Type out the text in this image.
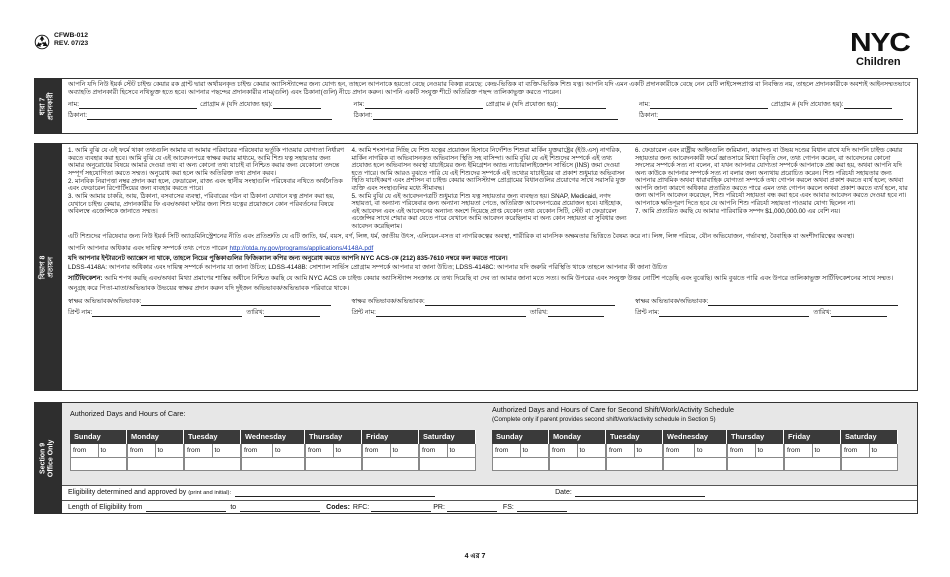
CFWB-012
REV. 07/23	NYC
Children
ধারা 7
প্রদানকারী
আপনি যদি নিউ ইয়র্ক স্টেট চাইল্ড কেয়ার রক গ্রান্ট দ্বারা অর্থায়নকৃত চাইল্ড কেয়ার অ্যাসিস্ট্যান্সের জন্য যোগ্য হন, তাহলে আপনাকে হয়তো বেছে নেওয়ার বিকল্প রয়েছে: কেন্দ্র-ভিত্তিক বা ব্যক্তি-ভিত্তিক শিশু যত্ন। আপনি যদি এমন একটি প্রদানকারীকে বেছে নেন যেটি লাইসেন্সপ্রাপ্ত বা নিবন্ধিত নয়, তাহলে প্রদানকারীকে অবশ্যই আইনসম্মতভাবে অব্যাহতি প্রদানকারী হিসেবে নথিভুক্ত হতে হবে। আপনার পছন্দের প্রদানকারীর নাম(গুলি) এবং ঠিকানা(গুলি) নীচে প্রদান করুন। আপনি একটি সংযুক্ত শীটে অতিরিক্ত পছন্দ তালিকাভুক্ত করতে পারেন।
নাম:	প্রোগ্রাম # (যদি প্রযোজ্য হয়):
ঠিকানা:
নাম:	প্রোগ্রাম # (যদি প্রযোজ্য হয়):
ঠিকানা:
নাম:	প্রোগ্রাম # (যদি প্রযোজ্য হয়):
ঠিকানা:
বিভাগ 8
প্রত্যয়ন

1. আমি বুঝি যে এই ফর্মে থাকা তথ্যগুলি আমার বা আমার পরিবারের পরিষেবার ভর্তুকি পাওয়ার যোগ্যতা নির্ধারণ করতে ব্যবহার করা হবে। আমি বুঝি যে এই আবেদনপত্রে স্বাক্ষর করার মাধ্যমে, আমি শিশু যত্ন সহায়তার জন্য আমার অনুরোধের বিষয়ে আমার দেওয়া তথ্য বা অন্য কোনো তথ্য যাচাই বা নিশ্চিত করার জন্য যেকোনো তদন্তে সম্পূর্ণ সহযোগিতা করতে সম্মত। অনুরোধ করা হলে আমি অতিরিক্ত তথ্য প্রদান করব।

2. মানবিক নিরাপত্তা নম্বর প্রদান করা হলে, ফেডারেল, রাজ্য এবং স্থানীয় সংস্থাগুলি পরিষেবার নথিতে অর্থনৈতিক এবং ফেডারেল রিপোর্টিংয়ের জন্য ব্যবহার করতে পারে।

3. আমি আমার চাকরি, আয়, ঠিকানা, বসবাসের ব্যবস্থা, পরিবারের গঠন বা ঠিকানা যেখানে যত্ন প্রদান করা হয়, যেখানে চাইল্ড কেয়ার, প্রদানকারীর ফি এবং/অথবা ঘন্টার জন্য শিশু যত্নের প্রয়োজনে কোন পরিবর্তনের বিষয়ে অবিলম্বে এজেন্সিকে জানাতে সম্মত।

4. আমি শংসাপত্র দিচ্ছি যে শিশু যত্নের প্রয়োজন হিসাবে নির্দেশিত শিশুরা মার্কিন যুক্তরাষ্ট্রের (ইউ.এস) নাগরিক, মার্কিন নাগরিক বা অভিবাসনকৃত অভিবাসন স্থিতি সহ বাসিন্দা। আমি বুঝি যে এই শিশুদের সম্পর্কে এই তথ্য প্রযোজ্য হলে অভিবাসন অবস্থা যাচাইয়ের জন্য ইমিগ্রেশন অ্যান্ড ন্যাচারালাইজেশন সার্ভিসে (INS) জমা দেওয়া হতে পারে। আমি আরও বুঝতে পারি যে এই শিশুদের সম্পর্কে এই তথ্যের যাচাইয়ের বা প্রকাশ শুধুমাত্র অভিবাসন স্থিতি যাচাইকরণ এবং প্রশাসন বা চাইল্ড কেয়ার অ্যাসিস্ট্যান্স প্রোগ্রামের বিধানগুলির প্রয়োগের সাথে সরাসরি যুক্ত ব্যক্তি এবং সংস্থাগুলির মধ্যে সীমাবদ্ধ।

5. আমি বুঝি যে এই আবেদনপত্রটি শুধুমাত্র শিশু যত্ন সহায়তার জন্য ব্যবহৃত হয়। SNAP, Medicaid, নগদ সহায়তা, বা অন্যান্য পরিষেবার জন্য অন্যান্য সহায়তা পেতে, অতিরিক্ত আবেদনপত্রের প্রয়োজন হবে। যাইহোক, এই আবেদন এবং এই আবেদনের অন্যান্য অংশে দিয়েছে প্রাপ্ত যেকোন তথ্য যেকোন সিটি, স্টেট বা ফেডারেল এজেন্সির সাথে শেয়ার করা যেতে পারে যেখানে আমি আবেদন করেছিলাম বা অন্য কোন সহায়তা বা সুবিধার জন্য আবেদন করেছিলাম।

6. ফেডারেল এবং রাষ্ট্রীয় আইনগুলি জরিমানা, কারাদণ্ড বা উভয় দণ্ডের বিধান রাখে যদি আপনি চাইল্ড কেয়ার সহায়তার জন্য আবেদনকারী ফর্মে জ্ঞাতসারে মিথ্যা বিবৃতি দেন, তথ্য গোপন করেন, বা আবেদনের কোনো সদস্যের সম্পর্কে সত্য না বলেন, বা যখন আপনার যোগ্যতা সম্পর্কে আপনাকে প্রশ্ন করা হয়, অথবা আপনি যদি অন্য কাউকে আপনার সম্পর্কে সত্য না বলার জন্য অন্যথায় প্ররোচিত করেন। শিশু পরিচর্যা সহায়তার জন্য আপনার প্রাথমিক অথবা ধারাবাহিক যোগ্যতা সম্পর্কে তথ্য গোপন করলে অথবা প্রকাশ করতে ব্যর্থ হলে; অথবা আপনি জানা কারণে অধিকার প্রতারিত করতে পারে এমন তথ্য গোপন করলে অথবা প্রকাশ করতে ব্যর্থ হলে, যার জন্য আপনি আবেদন করেছেন, শিশু পরিচর্যা সহায়তা বন্ধ করা হবে এবং আবার আবেদন করতে দেওয়া হবে না। আপনাকে ক্ষতিপূরণ দিতে হবে যে আপনি শিশু পরিচর্যা সহায়তা পাওয়ার যোগ্য ছিলেন না।

7. আমি প্রত্যয়িত করছি যে আমার পারিবারিক সম্পদ $1,000,000.00 এর বেশি নয়।

এটি শিশুদের পরিষেবার জন্য নিউ ইয়র্ক সিটি অ্যাডমিনিস্ট্রেশনের নীতি এবং প্রতিশ্রুতি যে এটি জাতি, ধর্ম, বয়স, বর্ণ, লিঙ্গ, ধর্ম, জাতীয় উৎস, এলিয়েন-বসত বা নাগরিকত্বের অবস্থা, শারীরিক বা মানসিক অক্ষমতার ভিত্তিতে বৈষম্য করে না। লিঙ্গ, লিঙ্গ পরিচয়, যৌন অভিযোজন, গর্ভাবস্থা, বৈবাহিক বা অংশীদারিত্বের অবস্থা।
আপনি আপনার অধিকার এবং দায়িত্ব সম্পর্কে তথ্য পেতে পারেন http://otda.ny.gov/programs/applications/4148A.pdf
যদি আপনার ইন্টারনেট অ্যাক্সেস না থাকে, তাহলে নিচের পুস্তিকাগুলির ফিজিক্যাল কপির জন্য অনুরোধ করতে আপনি NYC ACS-কে (212) 835-7610 নম্বরে কল করতে পারেন।
LDSS-4148A: আপনার অধিকার এবং দায়িত্ব সম্পর্কে আপনার যা জানা উচিত; LDSS-4148B: সোশ্যাল সার্ভিস প্রোগ্রাম সম্পর্কে আপনার যা জানা উচিত; LDSS-4148C: আপনার যদি জরুরি পরিস্থিতি থাকে তাহলে আপনার কী জানা উচিত
সার্টিফিকেশন: আমি শপথ করছি এবং/অথবা মিথ্যা প্রমাণের শাস্তির অধীনে নিশ্চিত করছি যে আমি NYC ACS কে চাইল্ড কেয়ার অ্যাসিস্ট্যান্স সংক্রান্ত যে তথ্য দিয়েছি বা দেব তা আমার জানা মতে সত্য। আমি উপরের এবং সংযুক্ত উত্তর নোটিশ পড়েছি এবং বুঝেছি। আমি বুঝতে পারি এবং উপরে তালিকাভুক্ত সার্টিফিকেশনের সাথে সম্মত।
অনুগ্রহ করে পিতা-মাতা/অভিভাবক উভয়ের স্বাক্ষর প্রদান করুন যদি দুইজন অভিভাবক/অভিভাবক পরিবারে থাকে।
স্বাক্ষর অভিভাবক/অভিভাবক:
প্রিন্ট নাম:	তারিখ:
স্বাক্ষর অভিভাবক/অভিভাবক:
প্রিন্ট নাম:	তারিখ:
স্বাক্ষর অভিভাবক/অভিভাবক:
প্রিন্ট নাম:	তারিখ:
Section 9
Office Only
Authorized Days and Hours of Care:	Authorized Days and Hours of Care for Second Shift/Work/Activity Schedule
(Complete only if parent provides second shift/work/activity schedule in Section 5)
Sunday
from	to
Monday
from	to
Tuesday
from	to
Wednesday
from	to
Thursday
from	to
Friday
from	to
Saturday
from	to
Sunday
from	to
Monday
from	to
Tuesday
from	to
Wednesday
from	to
Thursday
from	to
Friday
from	to
Saturday
from	to
Eligibility determined and approved by
(print and initial):	Date:
Length of Eligibility from	to	Codes: RFC:	PR:	FS:
4 এর 7
